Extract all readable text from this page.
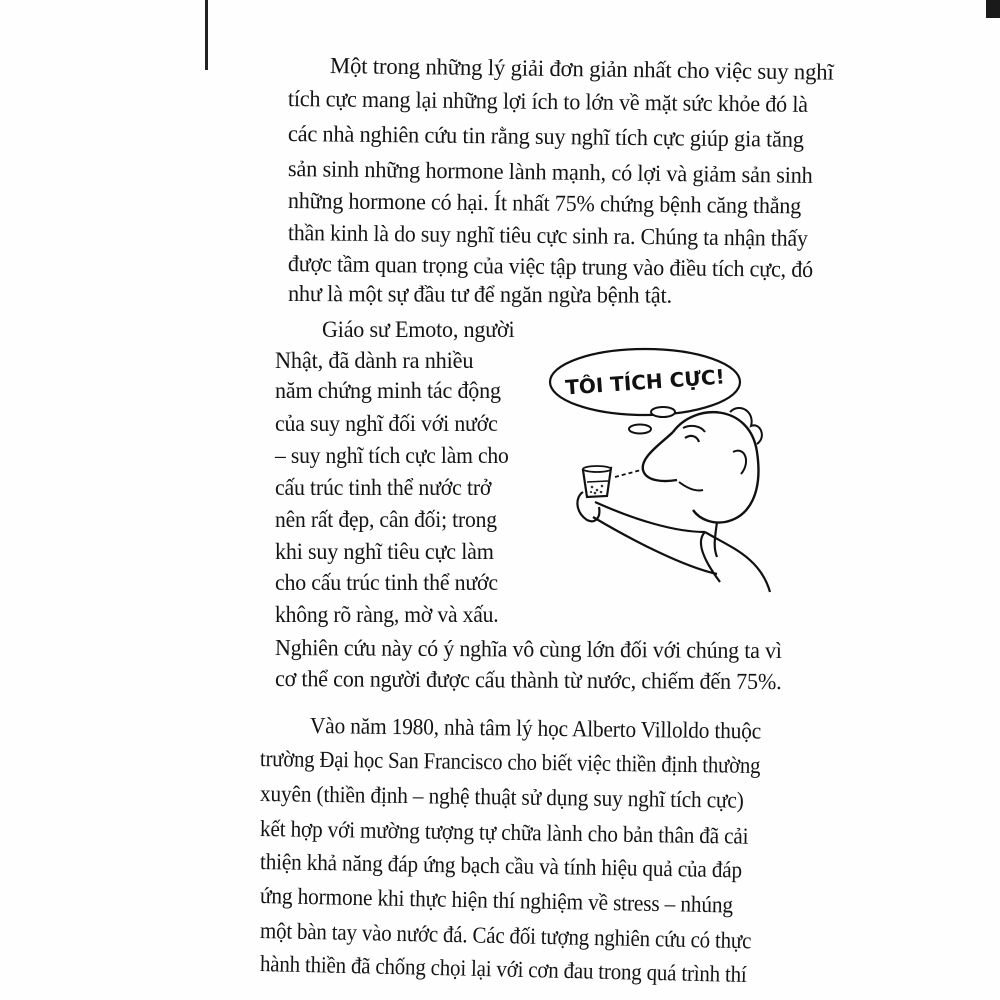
Một trong những lý giải đơn giản nhất cho việc suy nghĩ
tích cực mang lại những lợi ích to lớn về mặt sức khỏe đó là
các nhà nghiên cứu tin rằng suy nghĩ tích cực giúp gia tăng
sản sinh những hormone lành mạnh, có lợi và giảm sản sinh
những hormone có hại. Ít nhất 75% chứng bệnh căng thẳng
thần kinh là do suy nghĩ tiêu cực sinh ra. Chúng ta nhận thấy
được tầm quan trọng của việc tập trung vào điều tích cực, đó
như là một sự đầu tư để ngăn ngừa bệnh tật.
Giáo sư Emoto, người
Nhật, đã dành ra nhiều
năm chứng minh tác động
của suy nghĩ đối với nước
– suy nghĩ tích cực làm cho
cấu trúc tinh thể nước trở
nên rất đẹp, cân đối; trong
khi suy nghĩ tiêu cực làm
cho cấu trúc tinh thể nước
không rõ ràng, mờ và xấu.
Nghiên cứu này có ý nghĩa vô cùng lớn đối với chúng ta vì
cơ thể con người được cấu thành từ nước, chiếm đến 75%.
Vào năm 1980, nhà tâm lý học Alberto Villoldo thuộc
trường Đại học San Francisco cho biết việc thiền định thường
xuyên (thiền định – nghệ thuật sử dụng suy nghĩ tích cực)
kết hợp với mường tượng tự chữa lành cho bản thân đã cải
thiện khả năng đáp ứng bạch cầu và tính hiệu quả của đáp
ứng hormone khi thực hiện thí nghiệm về stress – nhúng
một bàn tay vào nước đá. Các đối tượng nghiên cứu có thực
hành thiền đã chống chọi lại với cơn đau trong quá trình thí
TÔI TÍCH CỰC!
